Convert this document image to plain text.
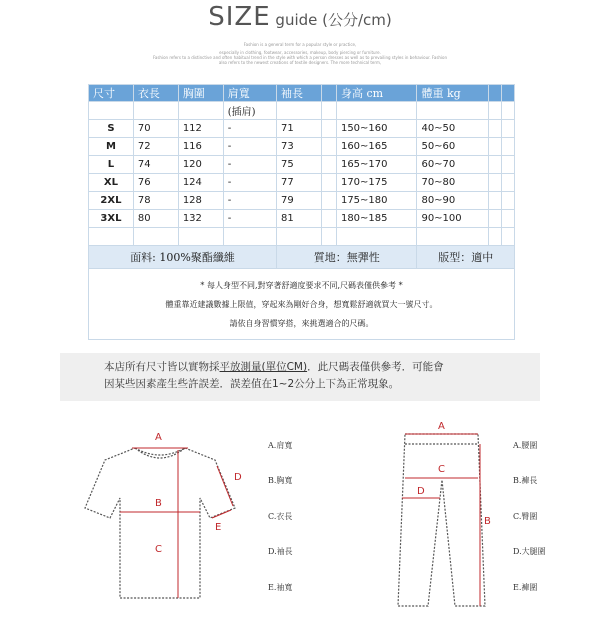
SIZE guide (公分/cm)
Fashion is a general term for a popular style or practice,
especially in clothing, footwear, accessories, makeup, body piercing or furniture.
Fashion refers to a distinctive and often habitual trend in the style with which a person dresses as well as to prevailing styles in behaviour. Fashion
also refers to the newest creations of textile designers. The more technical term,
尺寸	衣長	胸圍	肩寬	袖長		身高 cm	體重 kg		
			(插肩)						
S	70	112	-	71		150~160	40~50		
M	72	116	-	73		160~165	50~60		
L	74	120	-	75		165~170	60~70		
XL	76	124	-	77		170~175	70~80		
2XL	78	128	-	79		175~180	80~90		
3XL	80	132	-	81		180~185	90~100		

面料: 100%聚酯纖維				質地：無彈性			版型：適中		

* 每人身型不同,對穿著舒適度要求不同,尺碼表僅供參考 *
體重靠近建議數據上限值，穿起來為剛好合身，想寬鬆舒適就買大一號尺寸。
請依自身習慣穿搭，來挑選適合的尺碼。									
本店所有尺寸皆以實物採平放測量(單位CM)．此尺碼表僅供參考．可能會
因某些因素產生些許誤差．誤差值在1~2公分上下為正常現象。
A
B
C
D
E
A
C
D
B
A.肩寬
B.胸寬
C.衣長
D.袖長
E.袖寬
A.腰圍
B.褲長
C.臀圍
D.大腿圍
E.褲圍
